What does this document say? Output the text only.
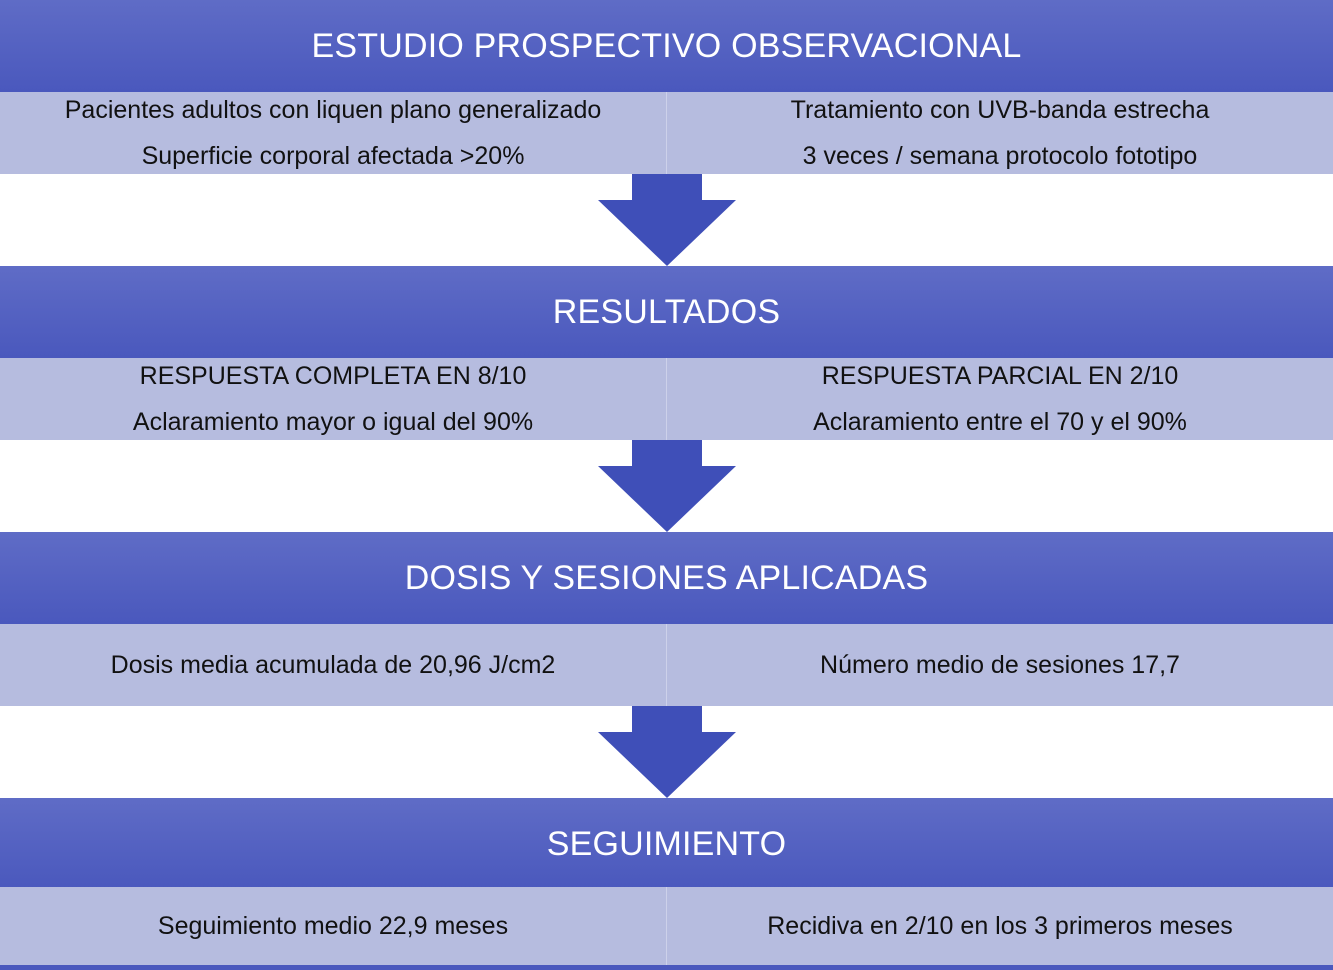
ESTUDIO PROSPECTIVO OBSERVACIONAL
Pacientes adultos con liquen plano generalizado
Superficie corporal afectada >20%
Tratamiento con UVB-banda estrecha
3 veces / semana protocolo fototipo
RESULTADOS
RESPUESTA COMPLETA EN 8/10
Aclaramiento mayor o igual del 90%
RESPUESTA PARCIAL EN 2/10
Aclaramiento entre el 70 y el 90%
DOSIS Y SESIONES APLICADAS
Dosis media acumulada de 20,96 J/cm2	Número medio de sesiones 17,7
SEGUIMIENTO
Seguimiento medio 22,9 meses	Recidiva en 2/10 en los 3 primeros meses
